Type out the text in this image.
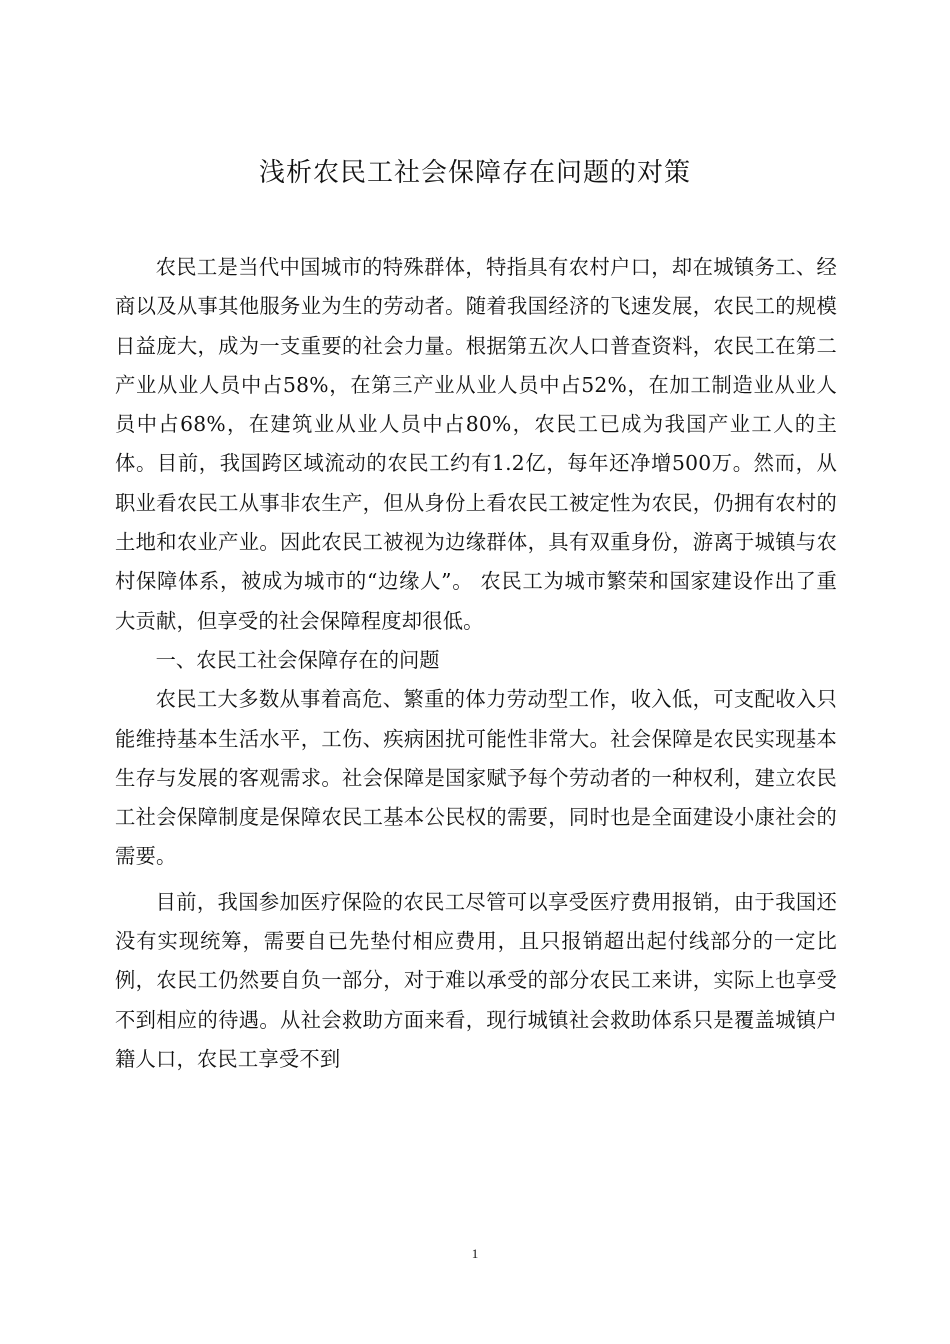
浅析农民工社会保障存在问题的对策

农民工是当代中国城市的特殊群体，特指具有农村户口，却在城镇务工、经商以及从事其他服务业为生的劳动者。随着我国经济的飞速发展，农民工的规模日益庞大，成为一支重要的社会力量。根据第五次人口普查资料，农民工在第二产业从业人员中占58%，在第三产业从业人员中占52%，在加工制造业从业人员中占68%，在建筑业从业人员中占80%，农民工已成为我国产业工人的主体。目前，我国跨区域流动的农民工约有1.2亿，每年还净增500万。然而，从职业看农民工从事非农生产，但从身份上看农民工被定性为农民，仍拥有农村的土地和农业产业。因此农民工被视为边缘群体，具有双重身份，游离于城镇与农村保障体系，被成为城市的“边缘人”。 农民工为城市繁荣和国家建设作出了重大贡献，但享受的社会保障程度却很低。

一、农民工社会保障存在的问题

农民工大多数从事着高危、繁重的体力劳动型工作，收入低，可支配收入只能维持基本生活水平，工伤、疾病困扰可能性非常大。社会保障是农民实现基本生存与发展的客观需求。社会保障是国家赋予每个劳动者的一种权利，建立农民工社会保障制度是保障农民工基本公民权的需要，同时也是全面建设小康社会的需要。

目前，我国参加医疗保险的农民工尽管可以享受医疗费用报销，由于我国还没有实现统筹，需要自已先垫付相应费用，且只报销超出起付线部分的一定比例，农民工仍然要自负一部分，对于难以承受的部分农民工来讲，实际上也享受不到相应的待遇。从社会救助方面来看，现行城镇社会救助体系只是覆盖城镇户籍人口，农民工享受不到

1
